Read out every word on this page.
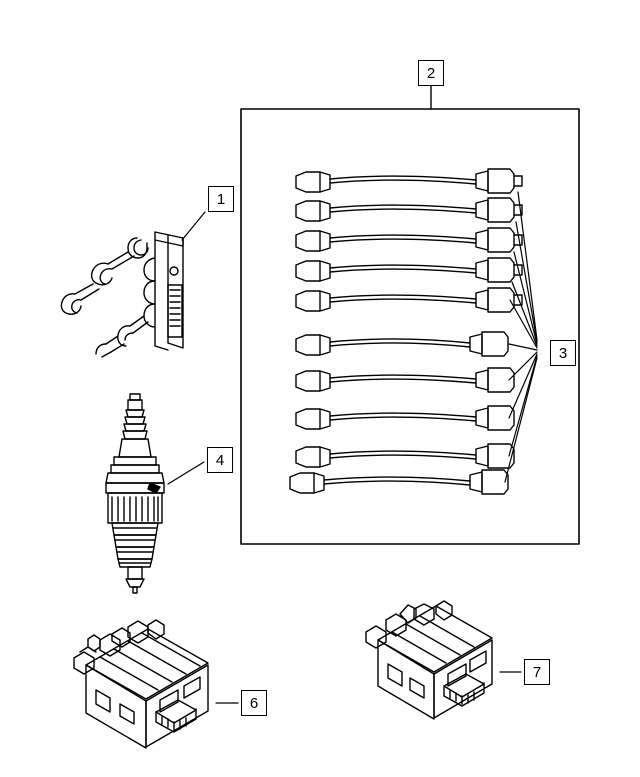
1
2
3
4
6
7
